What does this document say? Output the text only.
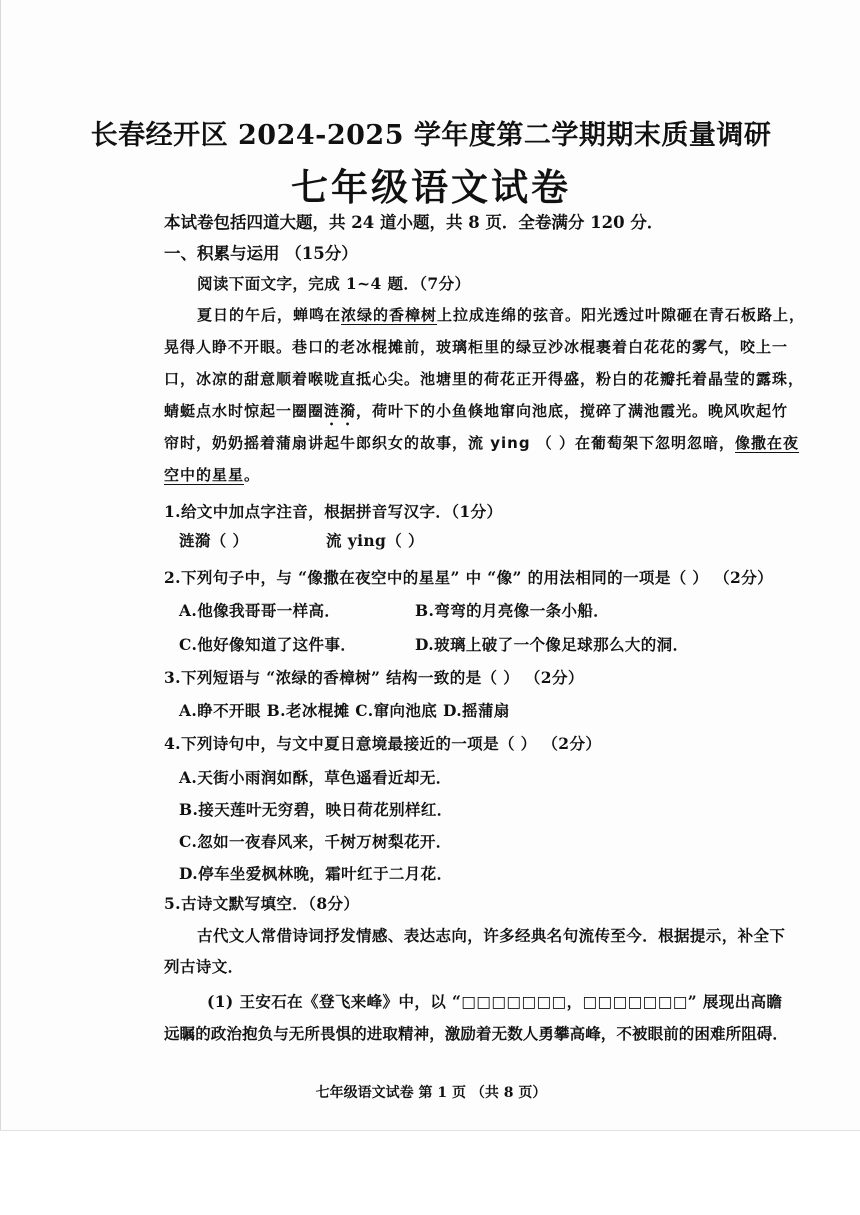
长春经开区 2024-2025 学年度第二学期期末质量调研
七年级语文试卷
本试卷包括四道大题，共 24 道小题，共 8 页．全卷满分 120 分．
一、积累与运用 （15分）
阅读下面文字，完成 1~4 题．（7分）
夏日的午后，蝉鸣在浓绿的香樟树上拉成连绵的弦音。阳光透过叶隙砸在青石板路上，
晃得人睁不开眼。巷口的老冰棍摊前，玻璃柜里的绿豆沙冰棍裹着白花花的雾气，咬上一
口，冰凉的甜意顺着喉咙直抵心尖。池塘里的荷花正开得盛，粉白的花瓣托着晶莹的露珠，
蜻蜓点水时惊起一圈圈涟漪，荷叶下的小鱼倏地窜向池底，搅碎了满池霞光。晚风吹起竹
帘时，奶奶摇着蒲扇讲起牛郎织女的故事，流 ying （ ）在葡萄架下忽明忽暗，像撒在夜
空中的星星。
1.给文中加点字注音，根据拼音写汉字．（1分）
涟漪（ ）	流 ying（ ）
2.下列句子中，与 “像撒在夜空中的星星” 中 “像” 的用法相同的一项是（ ） （2分）
A.他像我哥哥一样高．	B.弯弯的月亮像一条小船．
C.他好像知道了这件事．	D.玻璃上破了一个像足球那么大的洞．
3.下列短语与 “浓绿的香樟树” 结构一致的是（ ） （2分）
A.睁不开眼 B.老冰棍摊 C.窜向池底 D.摇蒲扇
4.下列诗句中，与文中夏日意境最接近的一项是（ ） （2分）
A.天街小雨润如酥，草色遥看近却无．
B.接天莲叶无穷碧，映日荷花别样红．
C.忽如一夜春风来，千树万树梨花开．
D.停车坐爱枫林晚，霜叶红于二月花．
5.古诗文默写填空．（8分）
古代文人常借诗词抒发情感、表达志向，许多经典名句流传至今．根据提示，补全下
列古诗文．
(1) 王安石在《登飞来峰》中，以 “□□□□□□□，□□□□□□□” 展现出高瞻
远瞩的政治抱负与无所畏惧的进取精神，激励着无数人勇攀高峰，不被眼前的困难所阻碍．
七年级语文试卷 第 1 页 （共 8 页）
